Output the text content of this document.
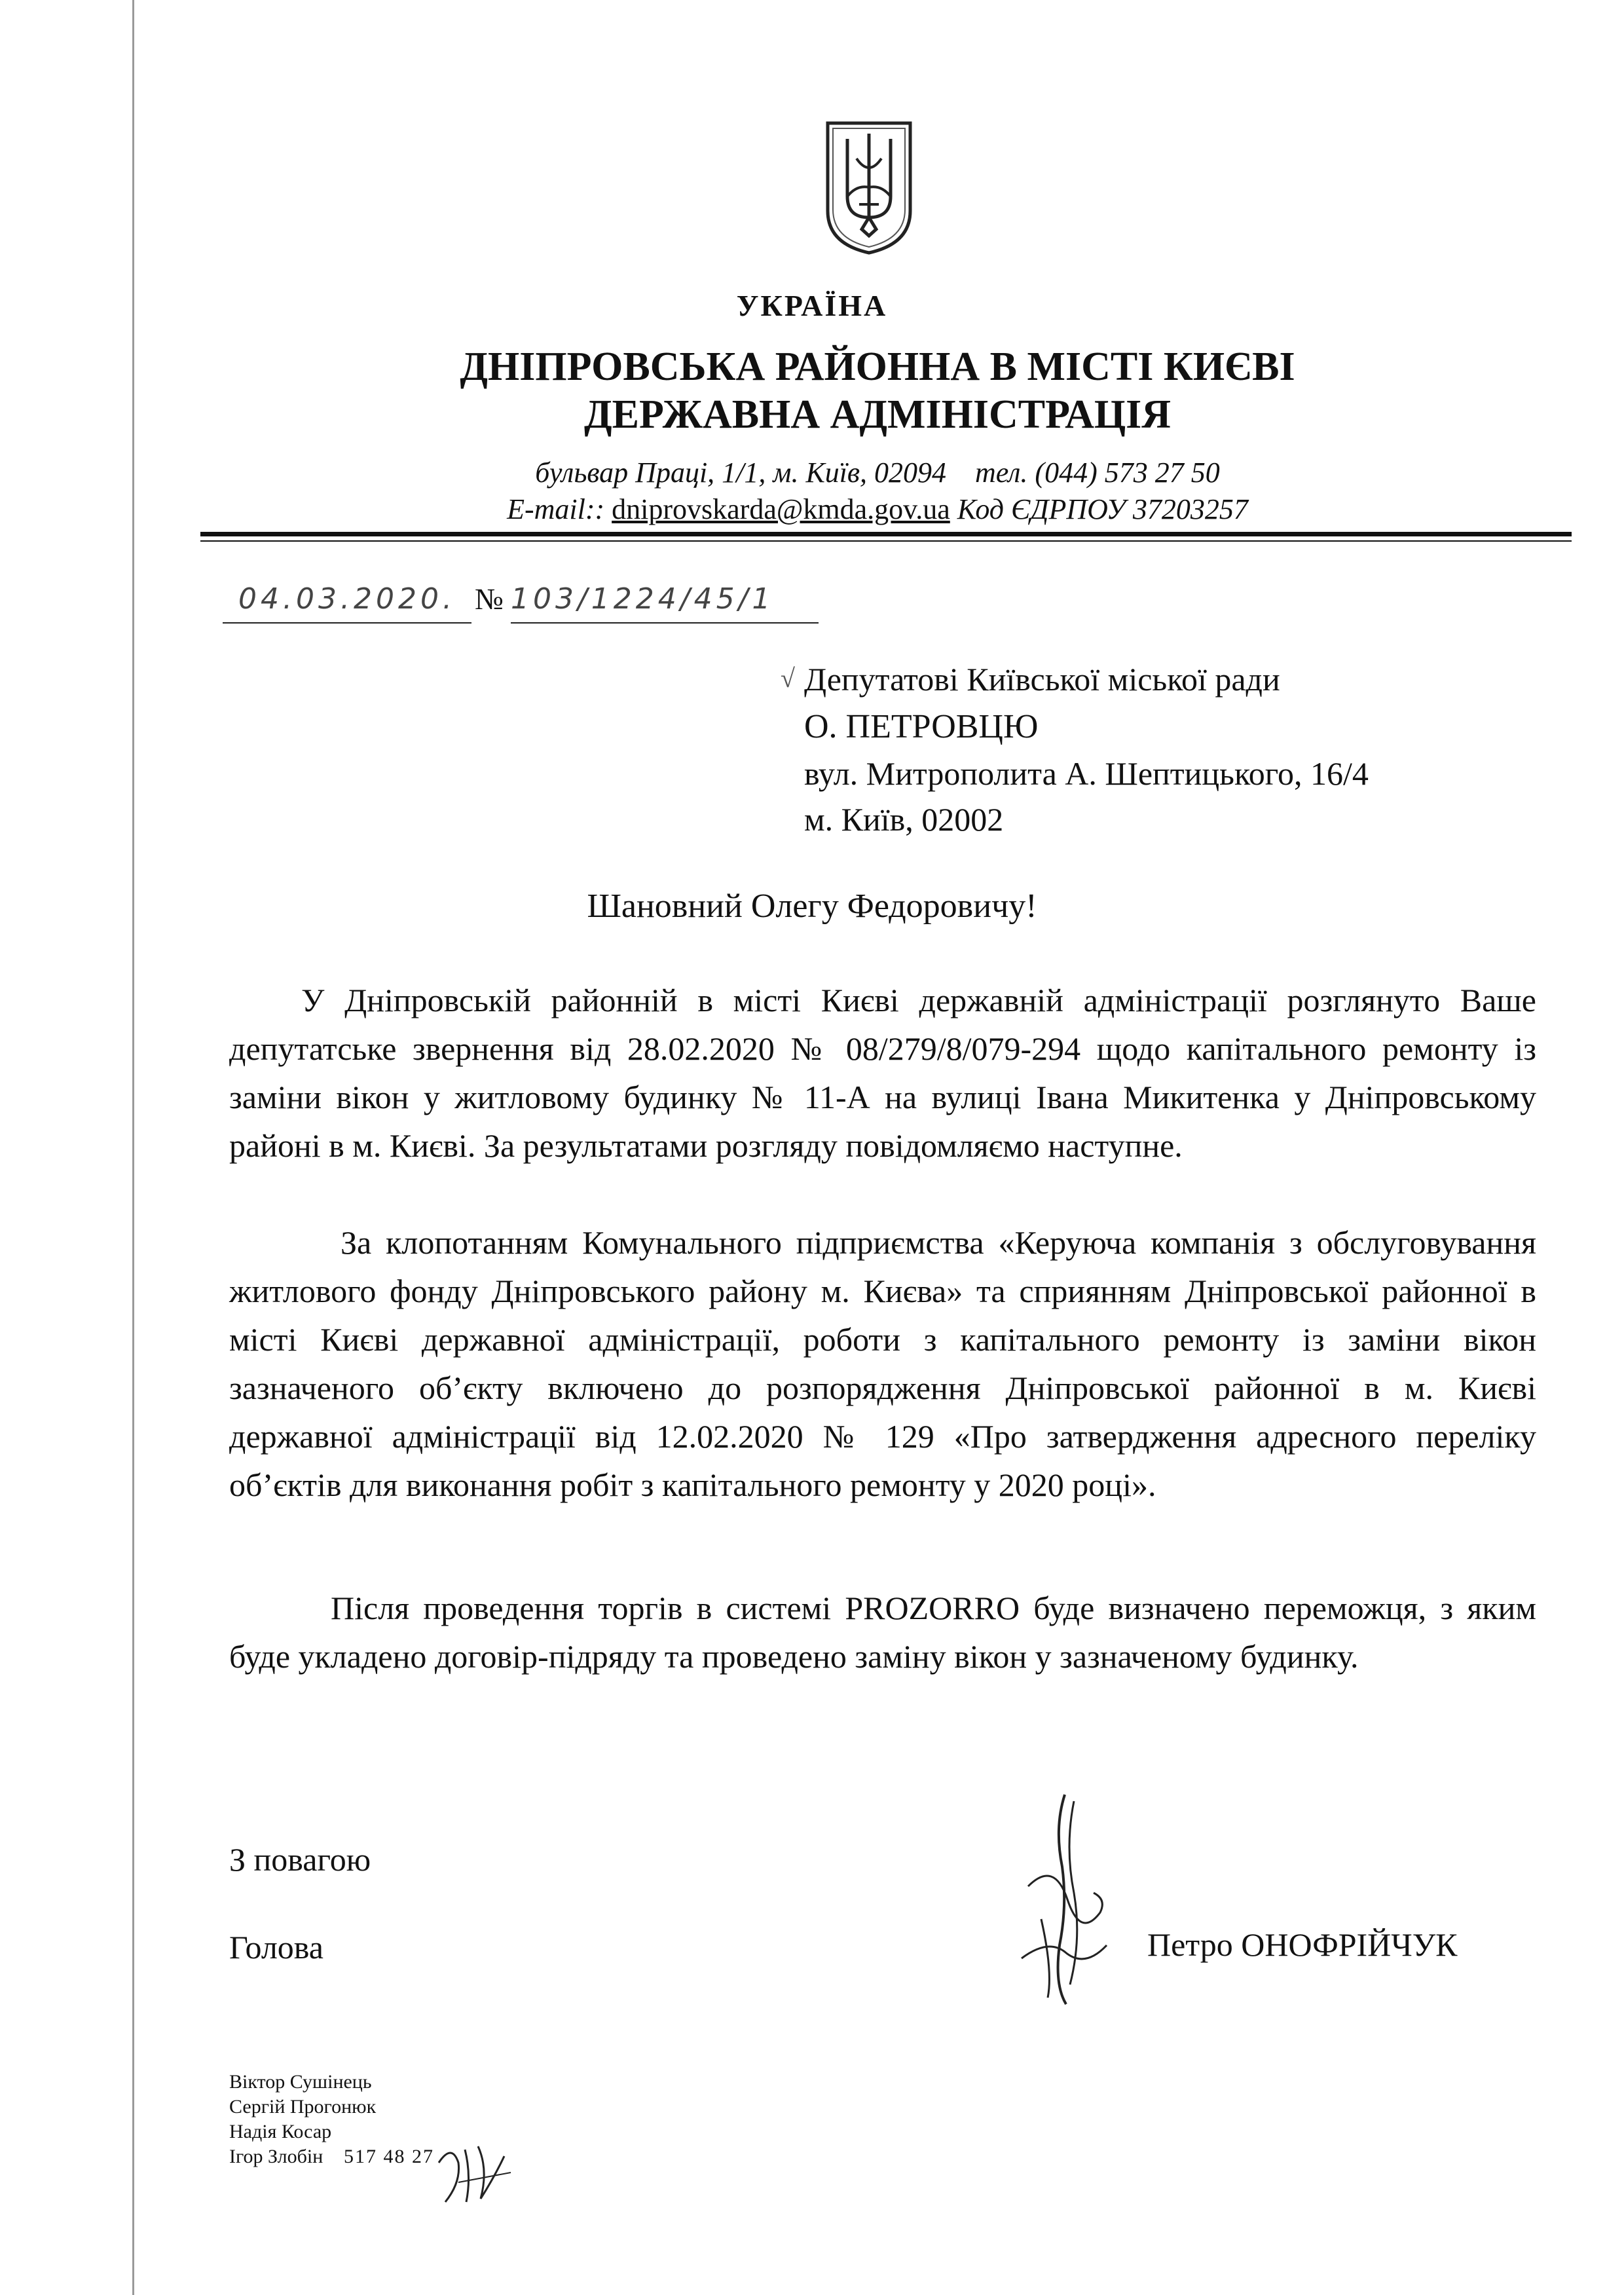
УКРАЇНА
ДНІПРОВСЬКА РАЙОННА В МІСТІ КИЄВІ
ДЕРЖАВНА АДМІНІСТРАЦІЯ
бульвар Праці, 1/1, м. Київ, 02094 тел. (044) 573 27 50
E-mail:: dniprovskarda@kmda.gov.ua Код ЄДРПОУ 37203257
04.03.2020. № 103/1224/45/1
√ Депутатові Київської міської ради
О. ПЕТРОВЦЮ
вул. Митрополита А. Шептицького, 16/4
м. Київ, 02002
Шановний Олегу Федоровичу!

У Дніпровській районній в місті Києві державній адміністрації розглянуто Ваше депутатське звернення від 28.02.2020 № 08/279/8/079-294 щодо капітального ремонту із заміни вікон у житловому будинку № 11-А на вулиці Івана Микитенка у Дніпровському районі в м. Києві. За результатами розгляду повідомляємо наступне.

За клопотанням Комунального підприємства «Керуюча компанія з обслуговування житлового фонду Дніпровського району м. Києва» та сприянням Дніпровської районної в місті Києві державної адміністрації, роботи з капітального ремонту із заміни вікон зазначеного об’єкту включено до розпорядження Дніпровської районної в м. Києві державної адміністрації від 12.02.2020 № 129 «Про затвердження адресного переліку об’єктів для виконання робіт з капітального ремонту у 2020 році».

Після проведення торгів в системі PROZORRO буде визначено переможця, з яким буде укладено договір-підряду та проведено заміну вікон у зазначеному будинку.

З повагою
Голова	Петро ОНОФРІЙЧУК
Віктор Сушінець
Сергій Прогонюк
Надія Косар
Ігор Злобін 517 48 27
